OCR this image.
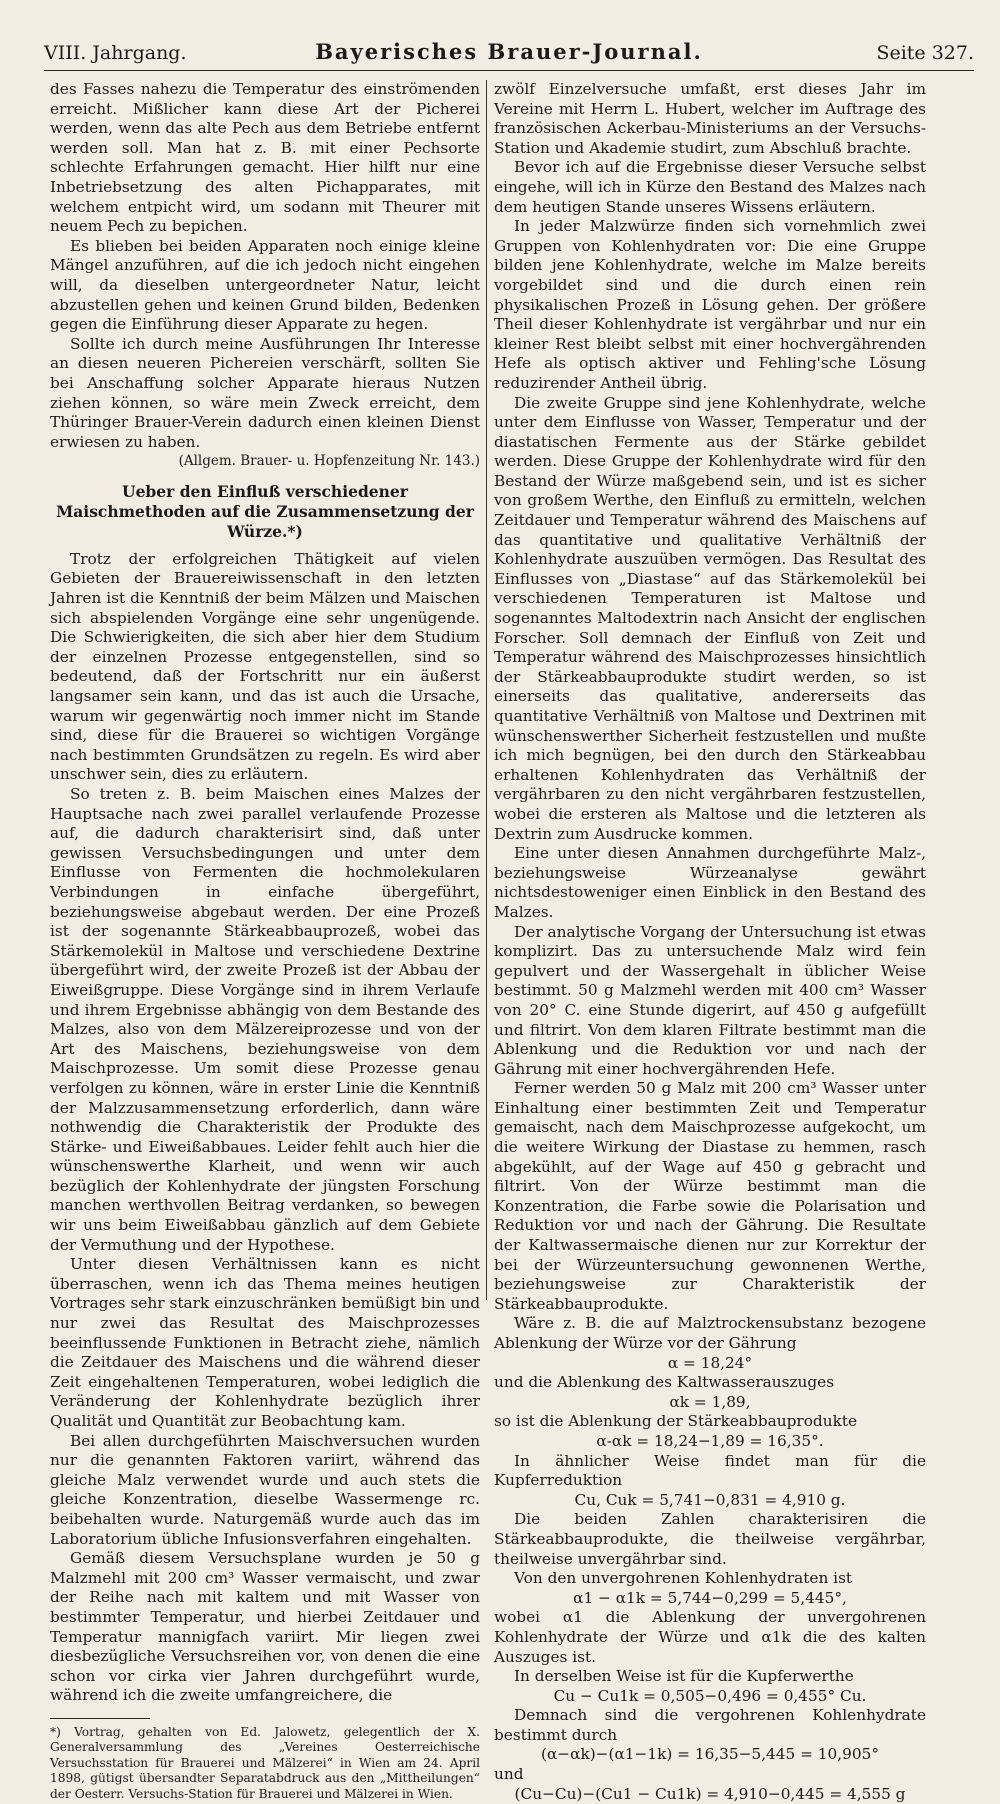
VIII. Jahrgang.	Bayerisches Brauer-Journal.	Seite 327.

des Fasses nahezu die Temperatur des einströmenden erreicht. Mißlicher kann diese Art der Picherei werden, wenn das alte Pech aus dem Betriebe entfernt werden soll. Man hat z. B. mit einer Pechsorte schlechte Erfahrungen gemacht. Hier hilft nur eine Inbetriebsetzung des alten Pichapparates, mit welchem entpicht wird, um sodann mit Theurer mit neuem Pech zu bepichen.

Es blieben bei beiden Apparaten noch einige kleine Mängel anzuführen, auf die ich jedoch nicht eingehen will, da dieselben untergeordneter Natur, leicht abzustellen gehen und keinen Grund bilden, Bedenken gegen die Einführung dieser Apparate zu hegen.

Sollte ich durch meine Ausführungen Ihr Interesse an diesen neueren Pichereien verschärft, sollten Sie bei Anschaffung solcher Apparate hieraus Nutzen ziehen können, so wäre mein Zweck erreicht, dem Thüringer Brauer-Verein dadurch einen kleinen Dienst erwiesen zu haben.

(Allgem. Brauer- u. Hopfenzeitung Nr. 143.)

Ueber den Einfluß verschiedener Maischmethoden auf die Zusammensetzung der Würze.*)

Trotz der erfolgreichen Thätigkeit auf vielen Gebieten der Brauereiwissenschaft in den letzten Jahren ist die Kenntniß der beim Mälzen und Maischen sich abspielenden Vorgänge eine sehr ungenügende. Die Schwierigkeiten, die sich aber hier dem Studium der einzelnen Prozesse entgegenstellen, sind so bedeutend, daß der Fortschritt nur ein äußerst langsamer sein kann, und das ist auch die Ursache, warum wir gegenwärtig noch immer nicht im Stande sind, diese für die Brauerei so wichtigen Vorgänge nach bestimmten Grundsätzen zu regeln. Es wird aber unschwer sein, dies zu erläutern.

So treten z. B. beim Maischen eines Malzes der Hauptsache nach zwei parallel verlaufende Prozesse auf, die dadurch charakterisirt sind, daß unter gewissen Versuchsbedingungen und unter dem Einflusse von Fermenten die hochmolekularen Verbindungen in einfache übergeführt, beziehungsweise abgebaut werden. Der eine Prozeß ist der sogenannte Stärkeabbauprozeß, wobei das Stärkemolekül in Maltose und verschiedene Dextrine übergeführt wird, der zweite Prozeß ist der Abbau der Eiweißgruppe. Diese Vorgänge sind in ihrem Verlaufe und ihrem Ergebnisse abhängig von dem Bestande des Malzes, also von dem Mälzereiprozesse und von der Art des Maischens, beziehungsweise von dem Maischprozesse. Um somit diese Prozesse genau verfolgen zu können, wäre in erster Linie die Kenntniß der Malzzusammensetzung erforderlich, dann wäre nothwendig die Charakteristik der Produkte des Stärke- und Eiweißabbaues. Leider fehlt auch hier die wünschenswerthe Klarheit, und wenn wir auch bezüglich der Kohlenhydrate der jüngsten Forschung manchen werthvollen Beitrag verdanken, so bewegen wir uns beim Eiweißabbau gänzlich auf dem Gebiete der Vermuthung und der Hypothese.

Unter diesen Verhältnissen kann es nicht überraschen, wenn ich das Thema meines heutigen Vortrages sehr stark einzuschränken bemüßigt bin und nur zwei das Resultat des Maischprozesses beeinflussende Funktionen in Betracht ziehe, nämlich die Zeitdauer des Maischens und die während dieser Zeit eingehaltenen Temperaturen, wobei lediglich die Veränderung der Kohlenhydrate bezüglich ihrer Qualität und Quantität zur Beobachtung kam.

Bei allen durchgeführten Maischversuchen wurden nur die genannten Faktoren variirt, während das gleiche Malz verwendet wurde und auch stets die gleiche Konzentration, dieselbe Wassermenge rc. beibehalten wurde. Naturgemäß wurde auch das im Laboratorium übliche Infusionsverfahren eingehalten.

Gemäß diesem Versuchsplane wurden je 50 g Malzmehl mit 200 cm³ Wasser vermaischt, und zwar der Reihe nach mit kaltem und mit Wasser von bestimmter Temperatur, und hierbei Zeitdauer und Temperatur mannigfach variirt. Mir liegen zwei diesbezügliche Versuchsreihen vor, von denen die eine schon vor cirka vier Jahren durchgeführt wurde, während ich die zweite umfangreichere, die

*) Vortrag, gehalten von Ed. Jalowetz, gelegentlich der X. Generalversammlung des „Vereines Oesterreichische Versuchsstation für Brauerei und Mälzerei“ in Wien am 24. April 1898, gütigst übersandter Separatabdruck aus den „Mittheilungen“ der Oesterr. Versuchs-Station für Brauerei und Mälzerei in Wien.

zwölf Einzelversuche umfaßt, erst dieses Jahr im Vereine mit Herrn L. Hubert, welcher im Auftrage des französischen Ackerbau-Ministeriums an der Versuchs-Station und Akademie studirt, zum Abschluß brachte.

Bevor ich auf die Ergebnisse dieser Versuche selbst eingehe, will ich in Kürze den Bestand des Malzes nach dem heutigen Stande unseres Wissens erläutern.

In jeder Malzwürze finden sich vornehmlich zwei Gruppen von Kohlenhydraten vor: Die eine Gruppe bilden jene Kohlenhydrate, welche im Malze bereits vorgebildet sind und die durch einen rein physikalischen Prozeß in Lösung gehen. Der größere Theil dieser Kohlenhydrate ist vergährbar und nur ein kleiner Rest bleibt selbst mit einer hochvergährenden Hefe als optisch aktiver und Fehling'sche Lösung reduzirender Antheil übrig.

Die zweite Gruppe sind jene Kohlenhydrate, welche unter dem Einflusse von Wasser, Temperatur und der diastatischen Fermente aus der Stärke gebildet werden. Diese Gruppe der Kohlenhydrate wird für den Bestand der Würze maßgebend sein, und ist es sicher von großem Werthe, den Einfluß zu ermitteln, welchen Zeitdauer und Temperatur während des Maischens auf das quantitative und qualitative Verhältniß der Kohlenhydrate auszuüben vermögen. Das Resultat des Einflusses von „Diastase“ auf das Stärkemolekül bei verschiedenen Temperaturen ist Maltose und sogenanntes Maltodextrin nach Ansicht der englischen Forscher. Soll demnach der Einfluß von Zeit und Temperatur während des Maischprozesses hinsichtlich der Stärkeabbauprodukte studirt werden, so ist einerseits das qualitative, andererseits das quantitative Verhältniß von Maltose und Dextrinen mit wünschenswerther Sicherheit festzustellen und mußte ich mich begnügen, bei den durch den Stärkeabbau erhaltenen Kohlenhydraten das Verhältniß der vergährbaren zu den nicht vergährbaren festzustellen, wobei die ersteren als Maltose und die letzteren als Dextrin zum Ausdrucke kommen.

Eine unter diesen Annahmen durchgeführte Malz-, beziehungsweise Würzeanalyse gewährt nichtsdestoweniger einen Einblick in den Bestand des Malzes.

Der analytische Vorgang der Untersuchung ist etwas komplizirt. Das zu untersuchende Malz wird fein gepulvert und der Wassergehalt in üblicher Weise bestimmt. 50 g Malzmehl werden mit 400 cm³ Wasser von 20° C. eine Stunde digerirt, auf 450 g aufgefüllt und filtrirt. Von dem klaren Filtrate bestimmt man die Ablenkung und die Reduktion vor und nach der Gährung mit einer hochvergährenden Hefe.

Ferner werden 50 g Malz mit 200 cm³ Wasser unter Einhaltung einer bestimmten Zeit und Temperatur gemaischt, nach dem Maischprozesse aufgekocht, um die weitere Wirkung der Diastase zu hemmen, rasch abgekühlt, auf der Wage auf 450 g gebracht und filtrirt. Von der Würze bestimmt man die Konzentration, die Farbe sowie die Polarisation und Reduktion vor und nach der Gährung. Die Resultate der Kaltwassermaische dienen nur zur Korrektur der bei der Würzeuntersuchung gewonnenen Werthe, beziehungsweise zur Charakteristik der Stärkeabbauprodukte.

Wäre z. B. die auf Malztrockensubstanz bezogene Ablenkung der Würze vor der Gährung

α = 18,24°

und die Ablenkung des Kaltwasserauszuges

αk = 1,89,

so ist die Ablenkung der Stärkeabbauprodukte

α-αk = 18,24−1,89 = 16,35°.

In ähnlicher Weise findet man für die Kupferreduktion

Cu, Cuk = 5,741−0,831 = 4,910 g.

Die beiden Zahlen charakterisiren die Stärkeabbauprodukte, die theilweise vergährbar, theilweise unvergährbar sind.

Von den unvergohrenen Kohlenhydraten ist

α1 − α1k = 5,744−0,299 = 5,445°,

wobei α1 die Ablenkung der unvergohrenen Kohlenhydrate der Würze und α1k die des kalten Auszuges ist.

In derselben Weise ist für die Kupferwerthe

Cu − Cu1k = 0,505−0,496 = 0,455° Cu.

Demnach sind die vergohrenen Kohlenhydrate bestimmt durch

(α−αk)−(α1−1k) = 16,35−5,445 = 10,905°

und

(Cu−Cu)−(Cu1 − Cu1k) = 4,910−0,445 = 4,555 g
